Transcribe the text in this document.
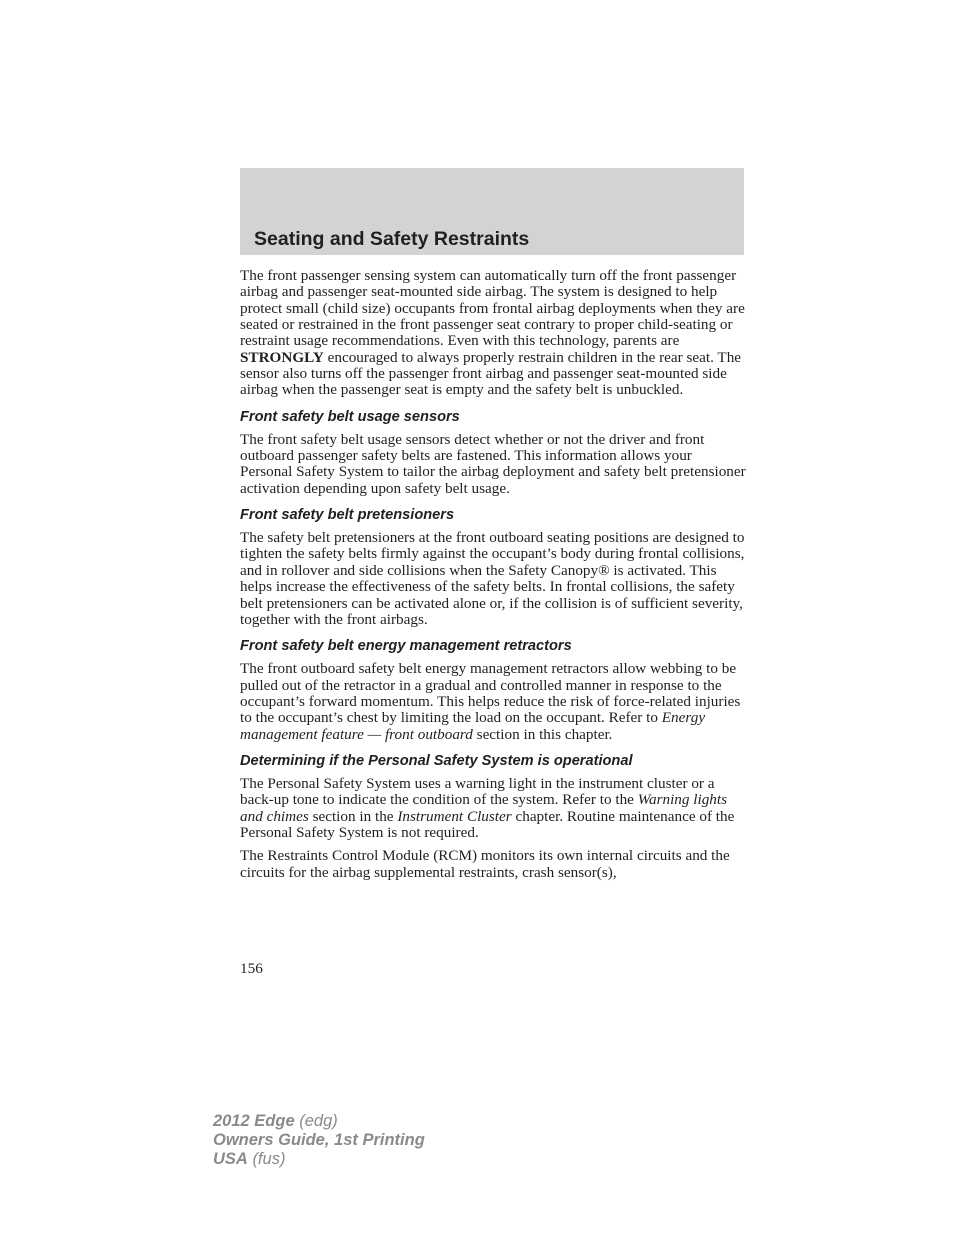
Seating and Safety Restraints

The front passenger sensing system can automatically turn off the front passenger airbag and passenger seat-mounted side airbag. The system is designed to help protect small (child size) occupants from frontal airbag deployments when they are seated or restrained in the front passenger seat contrary to proper child-seating or restraint usage recommendations. Even with this technology, parents are STRONGLY encouraged to always properly restrain children in the rear seat. The sensor also turns off the passenger front airbag and passenger seat-mounted side airbag when the passenger seat is empty and the safety belt is unbuckled.

Front safety belt usage sensors

The front safety belt usage sensors detect whether or not the driver and front outboard passenger safety belts are fastened. This information allows your Personal Safety System to tailor the airbag deployment and safety belt pretensioner activation depending upon safety belt usage.

Front safety belt pretensioners

The safety belt pretensioners at the front outboard seating positions are designed to tighten the safety belts firmly against the occupant’s body during frontal collisions, and in rollover and side collisions when the Safety Canopy® is activated. This helps increase the effectiveness of the safety belts. In frontal collisions, the safety belt pretensioners can be activated alone or, if the collision is of sufficient severity, together with the front airbags.

Front safety belt energy management retractors

The front outboard safety belt energy management retractors allow webbing to be pulled out of the retractor in a gradual and controlled manner in response to the occupant’s forward momentum. This helps reduce the risk of force-related injuries to the occupant’s chest by limiting the load on the occupant. Refer to Energy management feature — front outboard section in this chapter.

Determining if the Personal Safety System is operational

The Personal Safety System uses a warning light in the instrument cluster or a back-up tone to indicate the condition of the system. Refer to the Warning lights and chimes section in the Instrument Cluster chapter. Routine maintenance of the Personal Safety System is not required.

The Restraints Control Module (RCM) monitors its own internal circuits and the circuits for the airbag supplemental restraints, crash sensor(s),

156
2012 Edge (edg)
Owners Guide, 1st Printing
USA (fus)
